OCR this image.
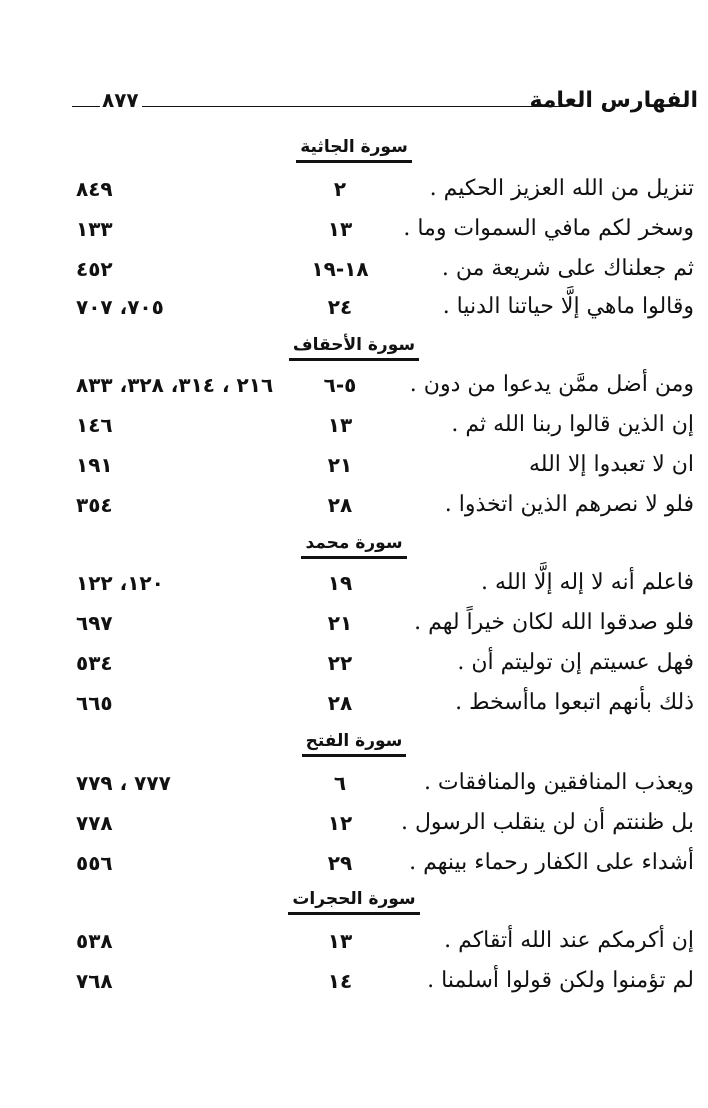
الفهارس العامة
٨٧٧
سورة الجاثية
تنزيل من الله العزيز الحكيم .
٢
٨٤٩
وسخر لكم مافي السموات وما .
١٣
١٣٣
ثم جعلناك على شريعة من .
١٨-١٩
٤٥٢
وقالوا ماهي إلَّا حياتنا الدنيا .
٢٤
٧٠٥، ٧٠٧
سورة الأحقاف
ومن أضل ممَّن يدعوا من دون .
٥-٦
٢١٦ ، ٣١٤، ٣٢٨، ٨٣٣
إن الذين قالوا ربنا الله ثم .
١٣
١٤٦
ان لا تعبدوا إلا الله
٢١
١٩١
فلو لا نصرهم الذين اتخذوا .
٢٨
٣٥٤
سورة محمد
فاعلم أنه لا إله إلَّا الله .
١٩
١٢٠، ١٢٢
فلو صدقوا الله لكان خيراً لهم .
٢١
٦٩٧
فهل عسيتم إن توليتم أن .
٢٢
٥٣٤
ذلك بأنهم اتبعوا ماأسخط .
٢٨
٦٦٥
سورة الفتح
ويعذب المنافقين والمنافقات .
٦
٧٧٧ ، ٧٧٩
بل ظننتم أن لن ينقلب الرسول .
١٢
٧٧٨
أشداء على الكفار رحماء بينهم .
٢٩
٥٥٦
سورة الحجرات
إن أكرمكم عند الله أتقاكم .
١٣
٥٣٨
لم تؤمنوا ولكن قولوا أسلمنا .
١٤
٧٦٨
